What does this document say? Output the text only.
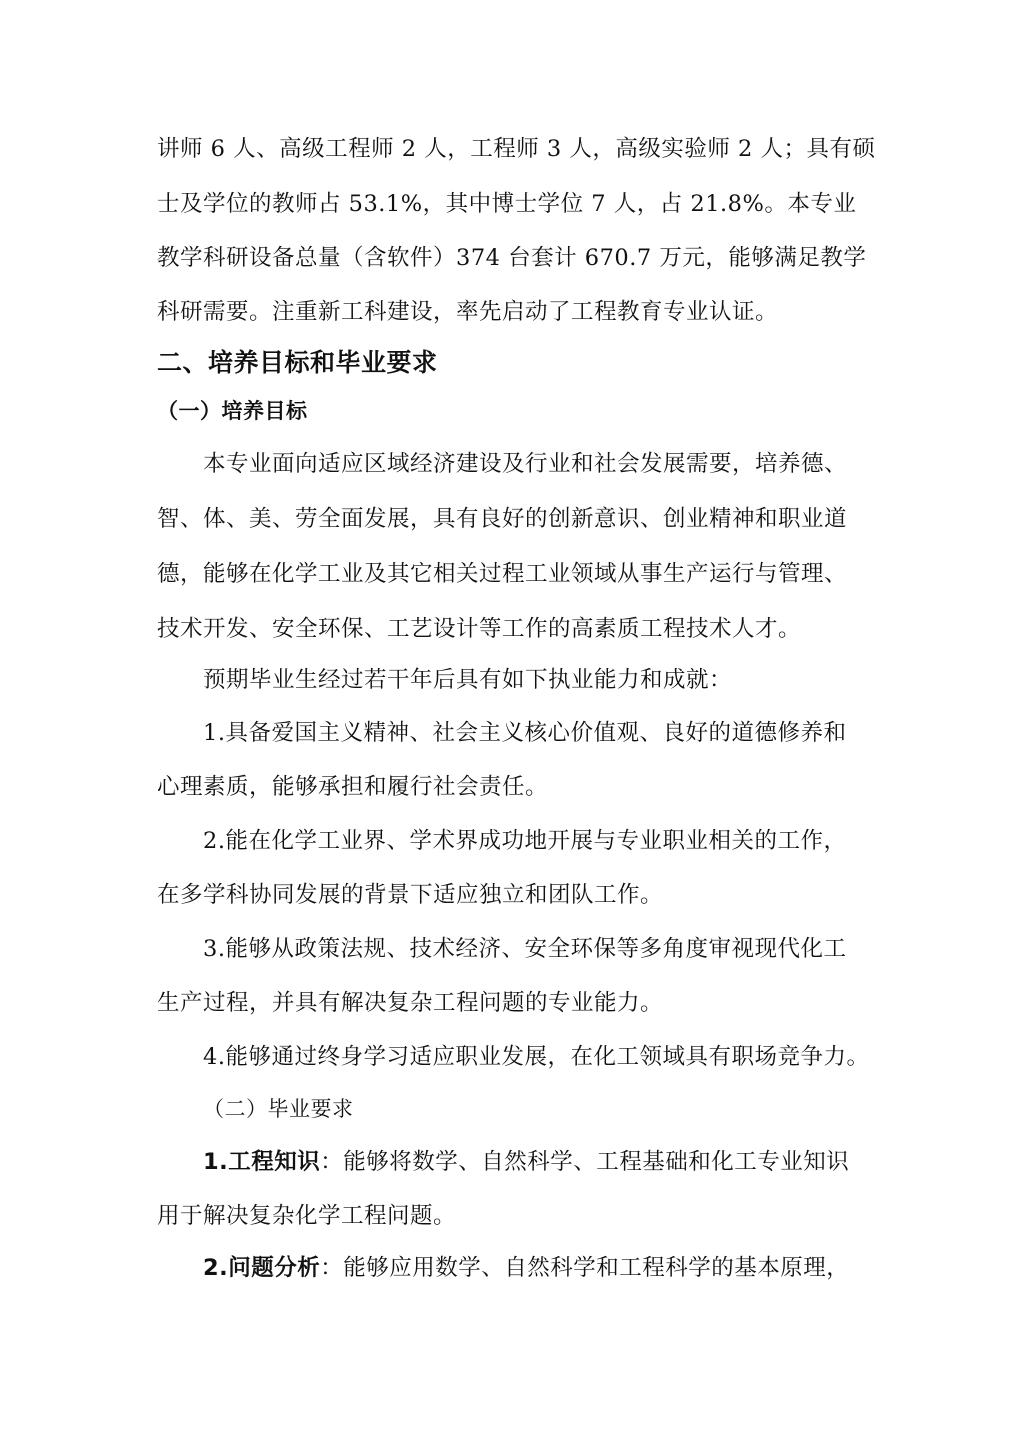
讲师 6 人、高级工程师 2 人，工程师 3 人，高级实验师 2 人；具有硕
士及学位的教师占 53.1%，其中博士学位 7 人，占 21.8%。本专业
教学科研设备总量（含软件）374 台套计 670.7 万元，能够满足教学
科研需要。注重新工科建设，率先启动了工程教育专业认证。
二、培养目标和毕业要求
（一）培养目标
本专业面向适应区域经济建设及行业和社会发展需要，培养德、
智、体、美、劳全面发展，具有良好的创新意识、创业精神和职业道
德，能够在化学工业及其它相关过程工业领域从事生产运行与管理、
技术开发、安全环保、工艺设计等工作的高素质工程技术人才。
预期毕业生经过若干年后具有如下执业能力和成就：
1.具备爱国主义精神、社会主义核心价值观、良好的道德修养和
心理素质，能够承担和履行社会责任。
2.能在化学工业界、学术界成功地开展与专业职业相关的工作，
在多学科协同发展的背景下适应独立和团队工作。
3.能够从政策法规、技术经济、安全环保等多角度审视现代化工
生产过程，并具有解决复杂工程问题的专业能力。
4.能够通过终身学习适应职业发展，在化工领域具有职场竞争力。
（二）毕业要求
1.工程知识：能够将数学、自然科学、工程基础和化工专业知识
用于解决复杂化学工程问题。
2.问题分析：能够应用数学、自然科学和工程科学的基本原理，
